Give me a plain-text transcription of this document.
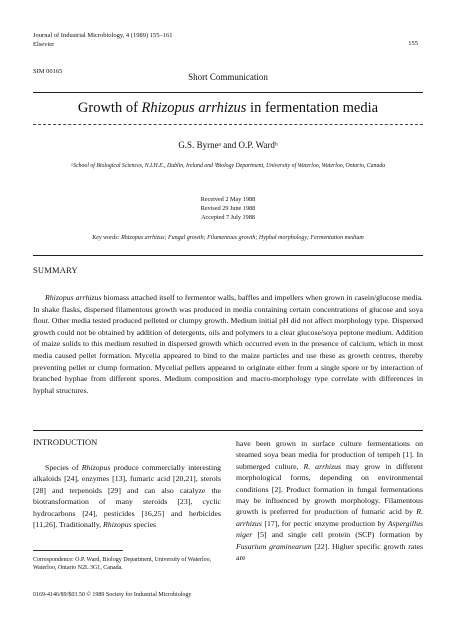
Journal of Industrial Microbiology, 4 (1989) 155–161
Elsevier	155
SIM 00165
Short Communication
Growth of Rhizopus arrhizus in fermentation media
G.S. Byrneᵃ and O.P. Wardᵇ
ᵃSchool of Biological Sciences, N.I.H.E., Dublin, Ireland and ᵇBiology Department, University of Waterloo, Waterloo, Ontario, Canada
Received 2 May 1988
Revised 29 June 1988
Accepted 7 July 1988
Key words: Rhizopus arrhizus; Fungal growth; Filamentous growth; Hyphal morphology; Fermentation medium
SUMMARY
Rhizopus arrhizus biomass attached itself to fermentor walls, baffles and impellers when grown in casein/glucose media. In shake flasks, dispersed filamentous growth was produced in media containing certain concentrations of glucose and soya flour. Other media tested produced pelleted or clumpy growth. Medium initial pH did not affect morphology type. Dispersed growth could not be obtained by addition of detergents, oils and polymers to a clear glucose/soya peptone medium. Addition of maize solids to this medium resulted in dispersed growth which occurred even in the presence of calcium, which in most media caused pellet formation. Mycelia appeared to bind to the maize particles and use these as growth centres, thereby preventing pellet or clump formation. Mycelial pellets appeared to originate either from a single spore or by interaction of branched hyphae from different spores. Medium composition and macro-morphology type correlate with differences in hyphal structures.
INTRODUCTION
Species of Rhizopus produce commercially interesting alkaloids [24], enzymes [13], fumaric acid [20,21], sterols [28] and terpenoids [29] and can also catalyze the biotransformation of many steroids [23], cyclic hydrocarbons [24], pesticides [16,25] and herbicides [11,26]. Traditionally, Rhizopus species
have been grown in surface culture fermentations on steamed soya bean media for production of tempeh [1]. In submerged culture, R. arrhizus may grow in different morphological forms, depending on environmental conditions [2]. Product formation in fungal fermentations may be influenced by growth morphology. Filamentous growth is preferred for production of fumaric acid by R. arrhizus [17], for pectic enzyme production by Aspergillus niger [5] and single cell protein (SCP) formation by Fusarium graminearum [22]. Higher specific growth rates are
Correspondence: O.P. Ward, Biology Department, University of Waterloo, Waterloo, Ontario N2L 3G1, Canada.
0169-4146/89/$03.50 © 1989 Society for Industrial Microbiology
